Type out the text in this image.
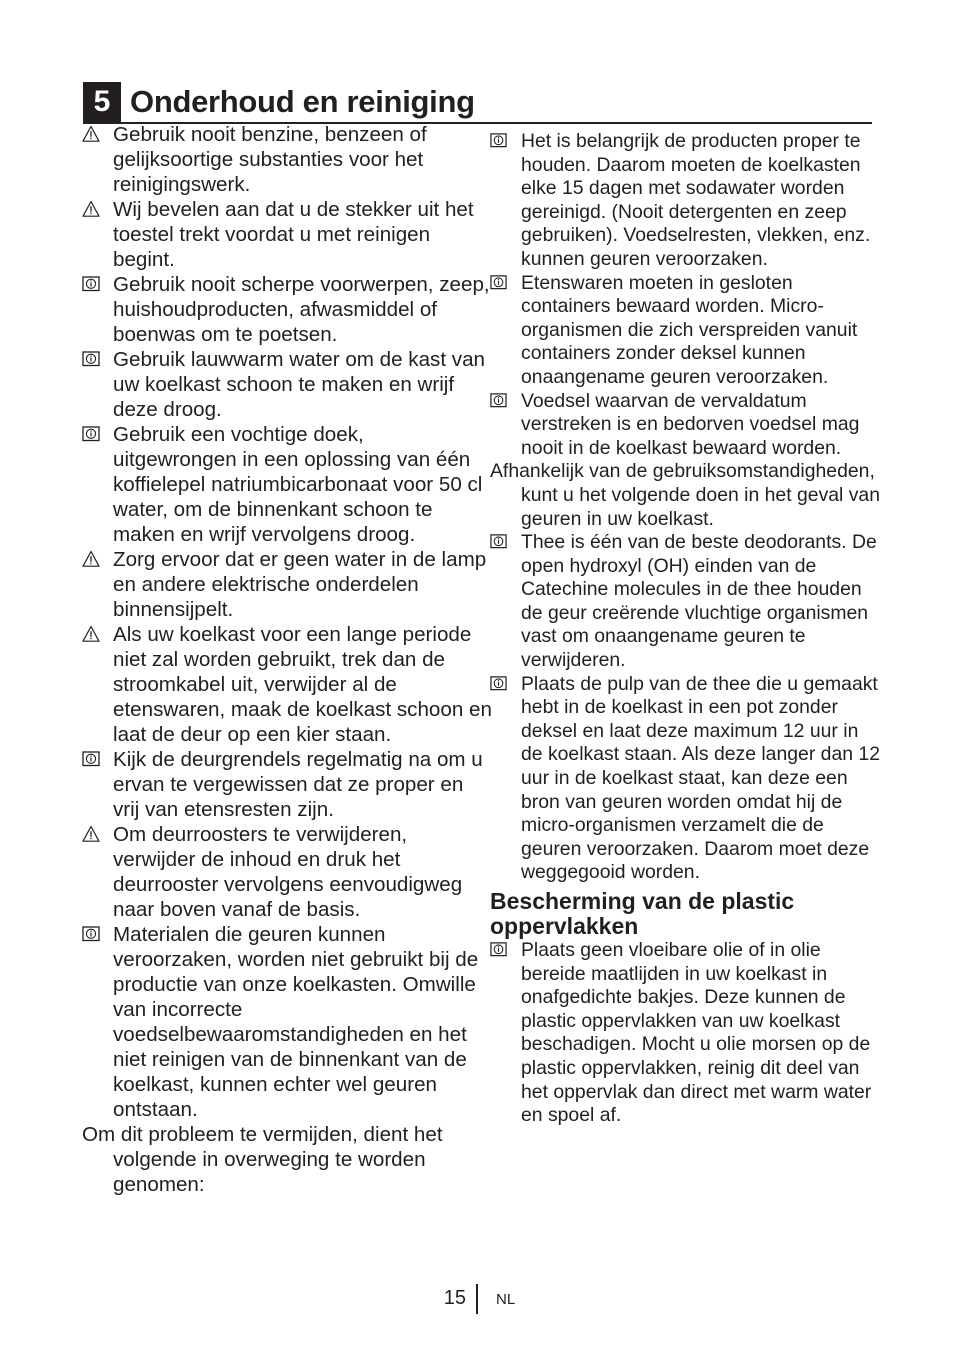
5 Onderhoud en reiniging
Gebruik nooit benzine, benzeen of gelijksoortige substanties voor het reinigingswerk.
Wij bevelen aan dat u de stekker uit het toestel trekt voordat u met reinigen begint.
Gebruik nooit scherpe voorwerpen, zeep, huishoudproducten, afwasmiddel of boenwas om te poetsen.
Gebruik lauwwarm water om de kast van uw koelkast schoon te maken en wrijf deze droog.
Gebruik een vochtige doek, uitgewrongen in een oplossing van één koffielepel natriumbicarbonaat voor 50 cl water, om de binnenkant schoon te maken en wrijf vervolgens droog.
Zorg ervoor dat er geen water in de lamp en andere elektrische onderdelen binnensijpelt.
Als uw koelkast voor een lange periode niet zal worden gebruikt, trek dan de stroomkabel uit, verwijder al de etenswaren, maak de koelkast schoon en laat de deur op een kier staan.
Kijk de deurgrendels regelmatig na om u ervan te vergewissen dat ze proper en vrij van etensresten zijn.
Om deurroosters te verwijderen, verwijder de inhoud en druk het deurrooster vervolgens eenvoudigweg naar boven vanaf de basis.
Materialen die geuren kunnen veroorzaken, worden niet gebruikt bij de productie van onze koelkasten. Omwille van incorrecte voedselbewaaromstandigheden en het niet reinigen van de binnenkant van de koelkast, kunnen echter wel geuren ontstaan.
Om dit probleem te vermijden, dient het volgende in overweging te worden genomen:
Het is belangrijk de producten proper te houden. Daarom moeten de koelkasten elke 15 dagen met sodawater worden gereinigd. (Nooit detergenten en zeep gebruiken). Voedselresten, vlekken, enz. kunnen geuren veroorzaken.
Etenswaren moeten in gesloten containers bewaard worden. Micro-organismen die zich verspreiden vanuit containers zonder deksel kunnen onaangename geuren veroorzaken.
Voedsel waarvan de vervaldatum verstreken is en bedorven voedsel mag nooit in de koelkast bewaard worden.
Afhankelijk van de gebruiksomstandigheden, kunt u het volgende doen in het geval van geuren in uw koelkast.
Thee is één van de beste deodorants. De open hydroxyl (OH) einden van de Catechine molecules in de thee houden de geur creërende vluchtige organismen vast om onaangename geuren te verwijderen.
Plaats de pulp van de thee die u gemaakt hebt in de koelkast in een pot zonder deksel en laat deze maximum 12 uur in de koelkast staan. Als deze langer dan 12 uur in de koelkast staat, kan deze een bron van geuren worden omdat hij de micro-organismen verzamelt die de geuren veroorzaken. Daarom moet deze weggegooid worden.
Bescherming van de plastic oppervlakken
Plaats geen vloeibare olie of in olie bereide maatlijden in uw koelkast in onafgedichte bakjes. Deze kunnen de plastic oppervlakken van uw koelkast beschadigen. Mocht u olie morsen op de plastic oppervlakken, reinig dit deel van het oppervlak dan direct met warm water en spoel af.
15 NL
